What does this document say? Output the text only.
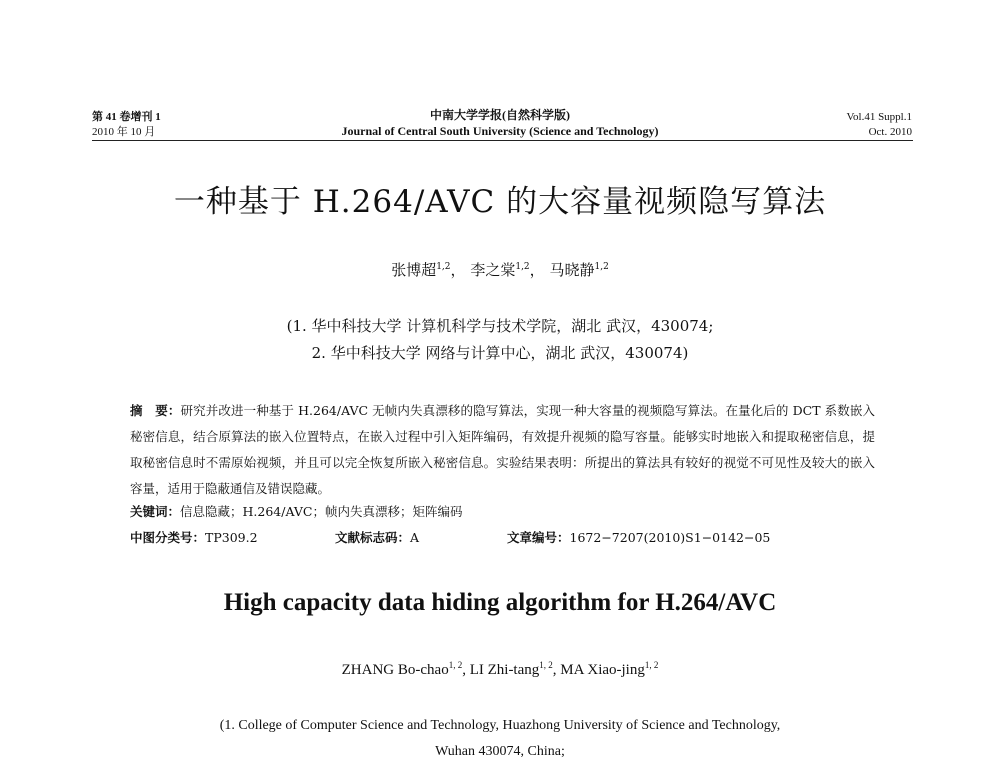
第 41 卷增刊 1
2010 年 10 月
中南大学学报(自然科学版)
Journal of Central South University (Science and Technology)
Vol.41 Suppl.1
Oct. 2010
一种基于 H.264/AVC 的大容量视频隐写算法
张博超$^{1,2}$， 李之棠$^{1,2}$， 马晓静$^{1,2}$
(1. 华中科技大学 计算机科学与技术学院，湖北 武汉，430074;
2. 华中科技大学 网络与计算中心，湖北 武汉，430074)
摘　要：研究并改进一种基于 H.264/AVC 无帧内失真漂移的隐写算法，实现一种大容量的视频隐写算法。在量化后的 DCT 系数嵌入秘密信息，结合原算法的嵌入位置特点，在嵌入过程中引入矩阵编码，有效提升视频的隐写容量。能够实时地嵌入和提取秘密信息，提取秘密信息时不需原始视频，并且可以完全恢复所嵌入秘密信息。实验结果表明：所提出的算法具有较好的视觉不可见性及较大的嵌入容量，适用于隐蔽通信及错误隐藏。
关键词：信息隐藏；H.264/AVC；帧内失真漂移；矩阵编码
中图分类号：TP309.2	文献标志码：A	文章编号：1672−7207(2010)S1−0142−05
High capacity data hiding algorithm for H.264/AVC
ZHANG Bo-chao$^{1, 2}$, LI Zhi-tang$^{1, 2}$, MA Xiao-jing$^{1, 2}$
(1. College of Computer Science and Technology, Huazhong University of Science and Technology,
Wuhan 430074, China;
